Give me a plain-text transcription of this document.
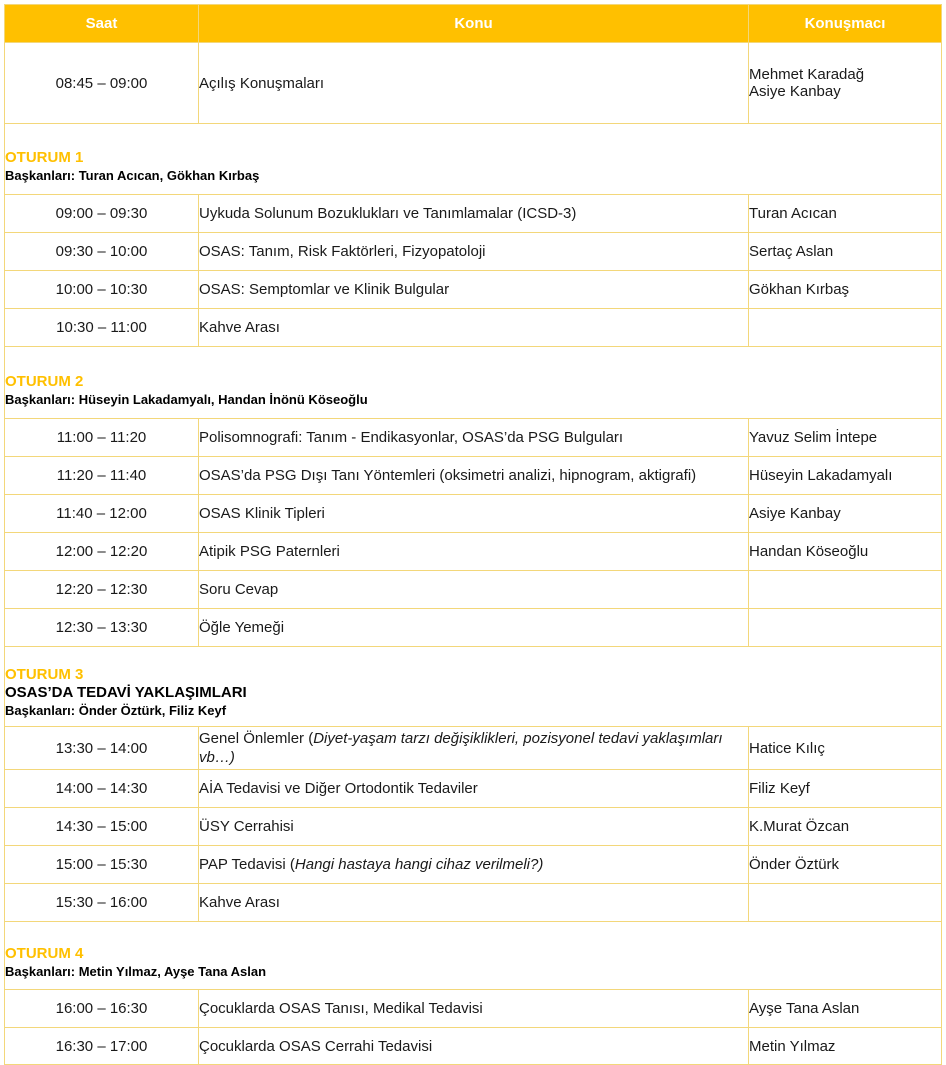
Saat	Konu	Konuşmacı
08:45 – 09:00	Açılış Konuşmaları	Mehmet Karadağ
Asiye Kanbay

OTURUM 1
Başkanları: Turan Acıcan, Gökhan Kırbaş		

09:00 – 09:30	Uykuda Solunum Bozuklukları ve Tanımlamalar (ICSD-3)	Turan Acıcan
09:30 – 10:00	OSAS: Tanım, Risk Faktörleri, Fizyopatoloji	Sertaç Aslan
10:00 – 10:30	OSAS: Semptomlar ve Klinik Bulgular	Gökhan Kırbaş
10:30 – 11:00	Kahve Arası	

OTURUM 2
Başkanları: Hüseyin Lakadamyalı, Handan İnönü Köseoğlu		

11:00 – 11:20	Polisomnografi: Tanım - Endikasyonlar, OSAS’da PSG Bulguları	Yavuz Selim İntepe
11:20 – 11:40	OSAS’da PSG Dışı Tanı Yöntemleri (oksimetri analizi, hipnogram, aktigrafi)	Hüseyin Lakadamyalı
11:40 – 12:00	OSAS Klinik Tipleri	Asiye Kanbay
12:00 – 12:20	Atipik PSG Paternleri	Handan Köseoğlu
12:20 – 12:30	Soru Cevap	
12:30 – 13:30	Öğle Yemeği	

OTURUM 3
OSAS’DA TEDAVİ YAKLAŞIMLARI
Başkanları: Önder Öztürk, Filiz Keyf		

13:30 – 14:00	Genel Önlemler (Diyet-yaşam tarzı değişiklikleri, pozisyonel tedavi yaklaşımları vb…)	Hatice Kılıç
14:00 – 14:30	AİA Tedavisi ve Diğer Ortodontik Tedaviler	Filiz Keyf
14:30 – 15:00	ÜSY Cerrahisi	K.Murat Özcan
15:00 – 15:30	PAP Tedavisi (Hangi hastaya hangi cihaz verilmeli?)	Önder Öztürk
15:30 – 16:00	Kahve Arası	

OTURUM 4
Başkanları: Metin Yılmaz, Ayşe Tana Aslan		

16:00 – 16:30	Çocuklarda OSAS Tanısı, Medikal Tedavisi	Ayşe Tana Aslan
16:30 – 17:00	Çocuklarda OSAS Cerrahi Tedavisi	Metin Yılmaz
